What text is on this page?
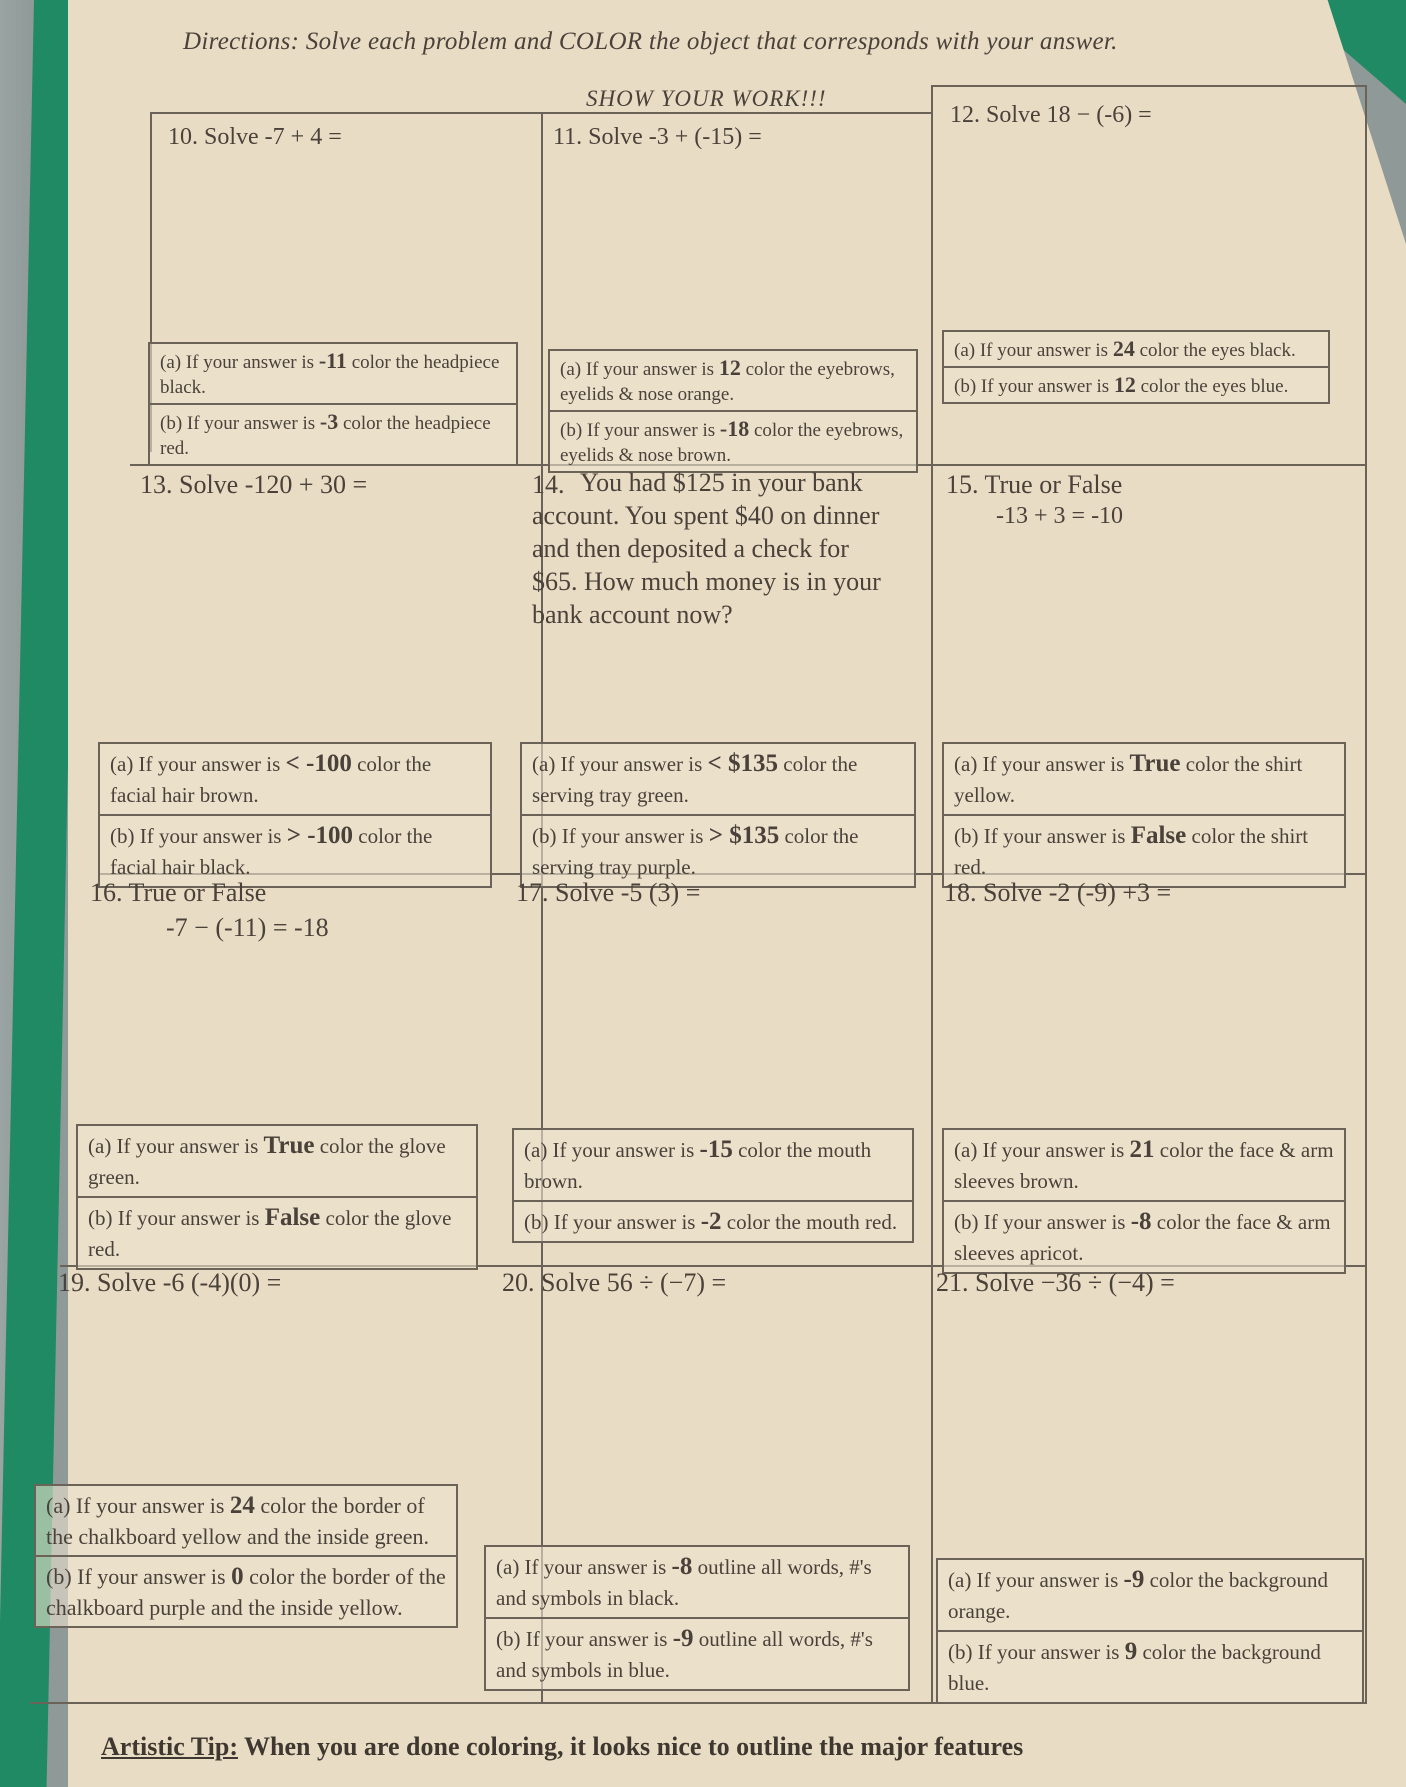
Directions: Solve each problem and COLOR the object that corresponds with your answer.
SHOW YOUR WORK!!!
10. Solve -7 + 4 =	11. Solve -3 + (-15) =
12. Solve 18 − (-6) =
(a) If your answer is -11 color the headpiece black.
(b) If your answer is -3 color the headpiece red.
(a) If your answer is 12 color the eyebrows, eyelids & nose orange.
(b) If your answer is -18 color the eyebrows, eyelids & nose brown.
(a) If your answer is 24 color the eyes black.
(b) If your answer is 12 color the eyes blue.
13. Solve -120 + 30 =	14. You had $125 in your bank account. You spent $40 on dinner and then deposited a check for $65. How much money is in your bank account now?
15. True or False
-13 + 3 = -10
(a) If your answer is < -100 color the facial hair brown.
(b) If your answer is > -100 color the facial hair black.
(a) If your answer is < $135 color the serving tray green.
(b) If your answer is > $135 color the serving tray purple.
(a) If your answer is True color the shirt yellow.
(b) If your answer is False color the shirt red.
16. True or False
-7 − (-11) = -18
17. Solve -5 (3) =	18. Solve -2 (-9) +3 =
(a) If your answer is True color the glove green.
(b) If your answer is False color the glove red.
(a) If your answer is -15 color the mouth brown.
(b) If your answer is -2 color the mouth red.
(a) If your answer is 21 color the face & arm sleeves brown.
(b) If your answer is -8 color the face & arm sleeves apricot.
19. Solve -6 (-4)(0) =	20. Solve 56 ÷ (−7) =	21. Solve −36 ÷ (−4) =
(a) If your answer is 24 color the border of the chalkboard yellow and the inside green.
(b) If your answer is 0 color the border of the chalkboard purple and the inside yellow.
(a) If your answer is -8 outline all words, #'s and symbols in black.
(b) If your answer is -9 outline all words, #'s and symbols in blue.
(a) If your answer is -9 color the background orange.
(b) If your answer is 9 color the background blue.
Artistic Tip: When you are done coloring, it looks nice to outline the major features
